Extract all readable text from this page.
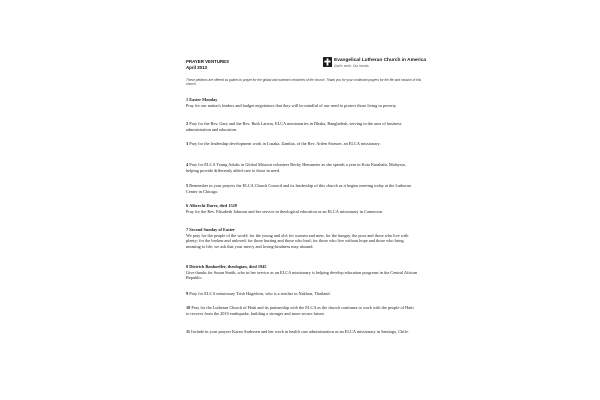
PRAYER VENTURES
April 2013
Evangelical Lutheran Church in America
God's work. Our hands.
These petitions are offered as guides to prayer for the global and outreach ministries of the church. Thank you for your continued prayers for the life and mission of this church.
1 Easter Monday
Pray for our nation's leaders and budget negotiators that they will be mindful of our need to protect those living in poverty.
2 Pray for the Rev. Gary and the Rev. Ruth Larson, ELCA missionaries in Dhaka, Bangladesh, serving in the area of business administration and education.
3 Pray for the leadership development work in Lusaka, Zambia, of the Rev. Arden Strasser, an ELCA missionary.
4 Pray for ELCA Young Adults in Global Mission volunteer Becky Hemmeter as she spends a year in Kota Kinabalu, Malaysia, helping provide differently abled care to those in need.
5 Remember in your prayers the ELCA Church Council and its leadership of this church as it begins meeting today at the Lutheran Center in Chicago.
6 Albrecht Durer, died 1528
Pray for the Rev. Elisabeth Johnson and her service in theological education as an ELCA missionary in Cameroon.
7 Second Sunday of Easter
We pray for the people of the world: for the young and old; for women and men; for the hungry, the poor and those who live with plenty; for the broken and unloved; for those hurting and those who heal; for those who live without hope and those who bring meaning to life; we ask that your mercy and loving-kindness may abound.
8 Dietrich Bonhoeffer, theologian, died 1945
Give thanks for Susan Smith, who in her service as an ELCA missionary is helping develop education programs in the Central African Republic.
9 Pray for ELCA missionary Trish Hagedorn, who is a teacher in Nakhon, Thailand.
10 Pray for the Lutheran Church of Haiti and its partnership with the ELCA as the church continues to work with the people of Haiti to recover from the 2010 earthquake, building a stronger and more secure future.
11 Include in your prayers Karen Andersen and her work in health care administration as an ELCA missionary in Santiago, Chile.
